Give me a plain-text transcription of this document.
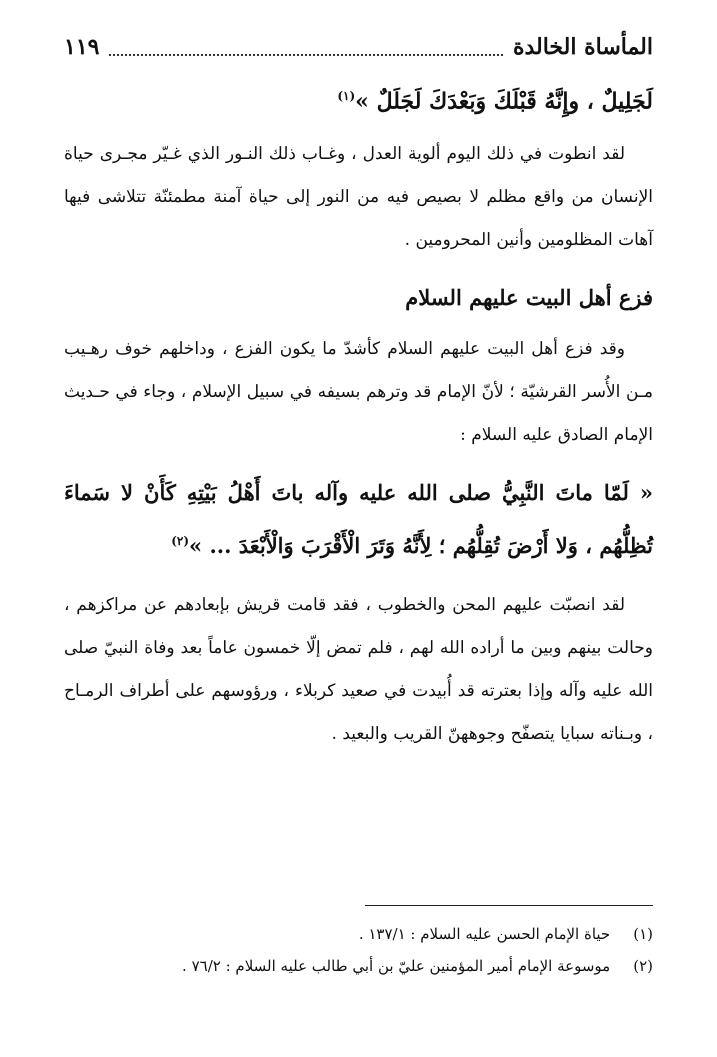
المأساة الخالدة
١١٩

لَجَلِيلٌ ، وإِنَّهُ قَبْلَكَ وَبَعْدَكَ لَجَلَلٌ »$^{(١)}$

لقد انطوت في ذلك اليوم ألوية العدل ، وغـاب ذلك النـور الذي غـيّر مجـرى حياة الإنسان من واقع مظلم لا بصيص فيه من النور إلى حياة آمنة مطمئنّة تتلاشى فيها آهات المظلومين وأنين المحرومين .

فزع أهل البيت عليهم السلام

وقد فزع أهل البيت عليهم السلام كأشدّ ما يكون الفزع ، وداخلهم خوف رهـيب مـن الأُسر القرشيّة ؛ لأنّ الإمام قد وترهم بسيفه في سبيل الإسلام ، وجاء في حـديث الإمام الصادق عليه السلام :

« لَمّا ماتَ النَّبِيُّ صلى الله عليه وآله باتَ أَهْلُ بَيْتِهِ كَأَنْ لا سَماءَ تُظِلُّهُم ، وَلا أَرْضَ تُقِلُّهُم ؛ لِأَنَّهُ وَتَرَ الْأَقْرَبَ وَالْأَبْعَدَ ... »$^{(٢)}$

لقد انصبّت عليهم المحن والخطوب ، فقد قامت قريش بإبعادهم عن مراكزهم ، وحالت بينهم وبين ما أراده الله لهم ، فلم تمض إلّا خمسون عاماً بعد وفاة النبيّ صلى الله عليه وآله وإذا بعترته قد أُبيدت في صعيد كربلاء ، ورؤوسهم على أطراف الرمـاح ، وبـناته سبايا يتصفّح وجوههنّ القريب والبعيد .

(١) حياة الإمام الحسن عليه السلام : ١٣٧/١ .
(٢) موسوعة الإمام أمير المؤمنين عليّ بن أبي طالب عليه السلام : ٧٦/٢ .
